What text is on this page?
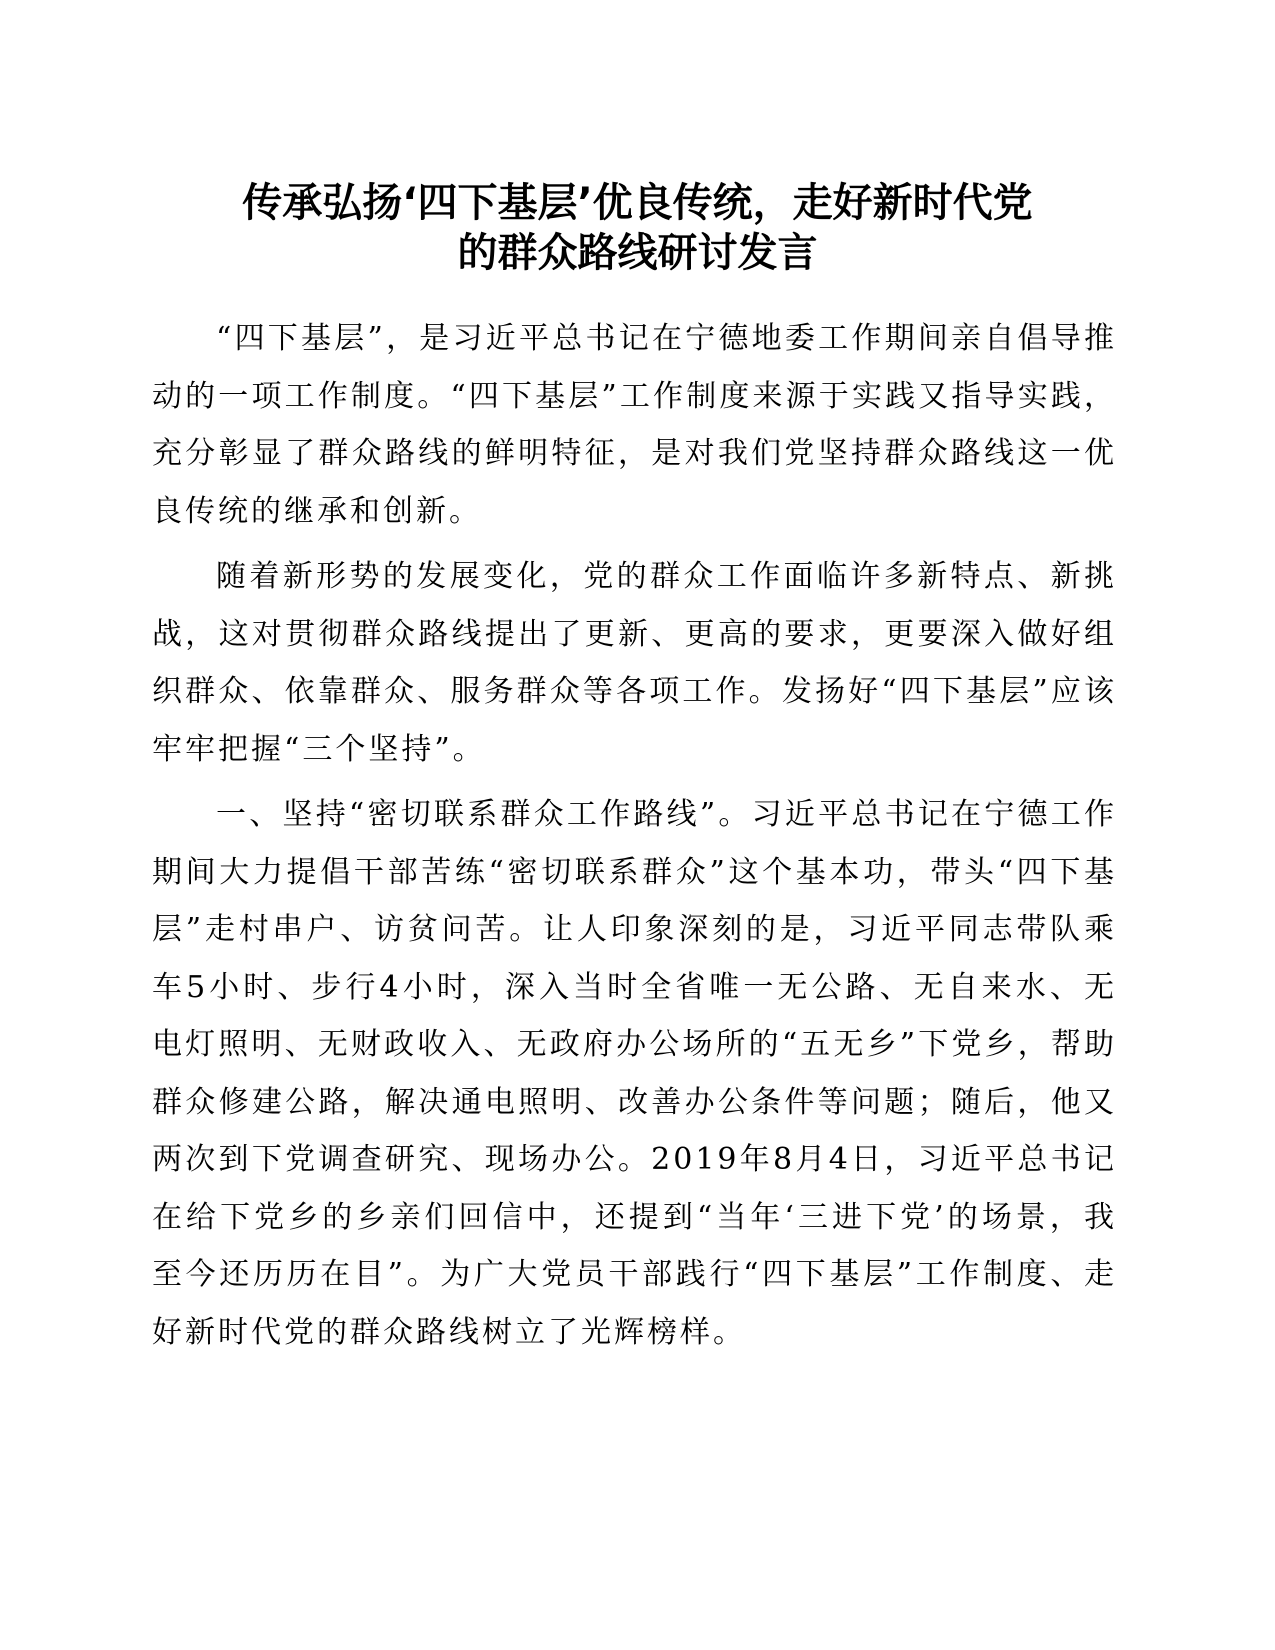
传承弘扬‘四下基层’优良传统，走好新时代党
的群众路线研讨发言

“四下基层”，是习近平总书记在宁德地委工作期间亲自倡导推动的一项工作制度。“四下基层”工作制度来源于实践又指导实践，充分彰显了群众路线的鲜明特征，是对我们党坚持群众路线这一优良传统的继承和创新。

随着新形势的发展变化，党的群众工作面临许多新特点、新挑战，这对贯彻群众路线提出了更新、更高的要求，更要深入做好组织群众、依靠群众、服务群众等各项工作。发扬好“四下基层”应该牢牢把握“三个坚持”。

一、坚持“密切联系群众工作路线”。习近平总书记在宁德工作期间大力提倡干部苦练“密切联系群众”这个基本功，带头“四下基层”走村串户、访贫问苦。让人印象深刻的是，习近平同志带队乘车5小时、步行4小时，深入当时全省唯一无公路、无自来水、无电灯照明、无财政收入、无政府办公场所的“五无乡”下党乡，帮助群众修建公路，解决通电照明、改善办公条件等问题；随后，他又两次到下党调查研究、现场办公。2019年8月4日，习近平总书记在给下党乡的乡亲们回信中，还提到“当年‘三进下党’的场景，我至今还历历在目”。为广大党员干部践行“四下基层”工作制度、走好新时代党的群众路线树立了光辉榜样。
